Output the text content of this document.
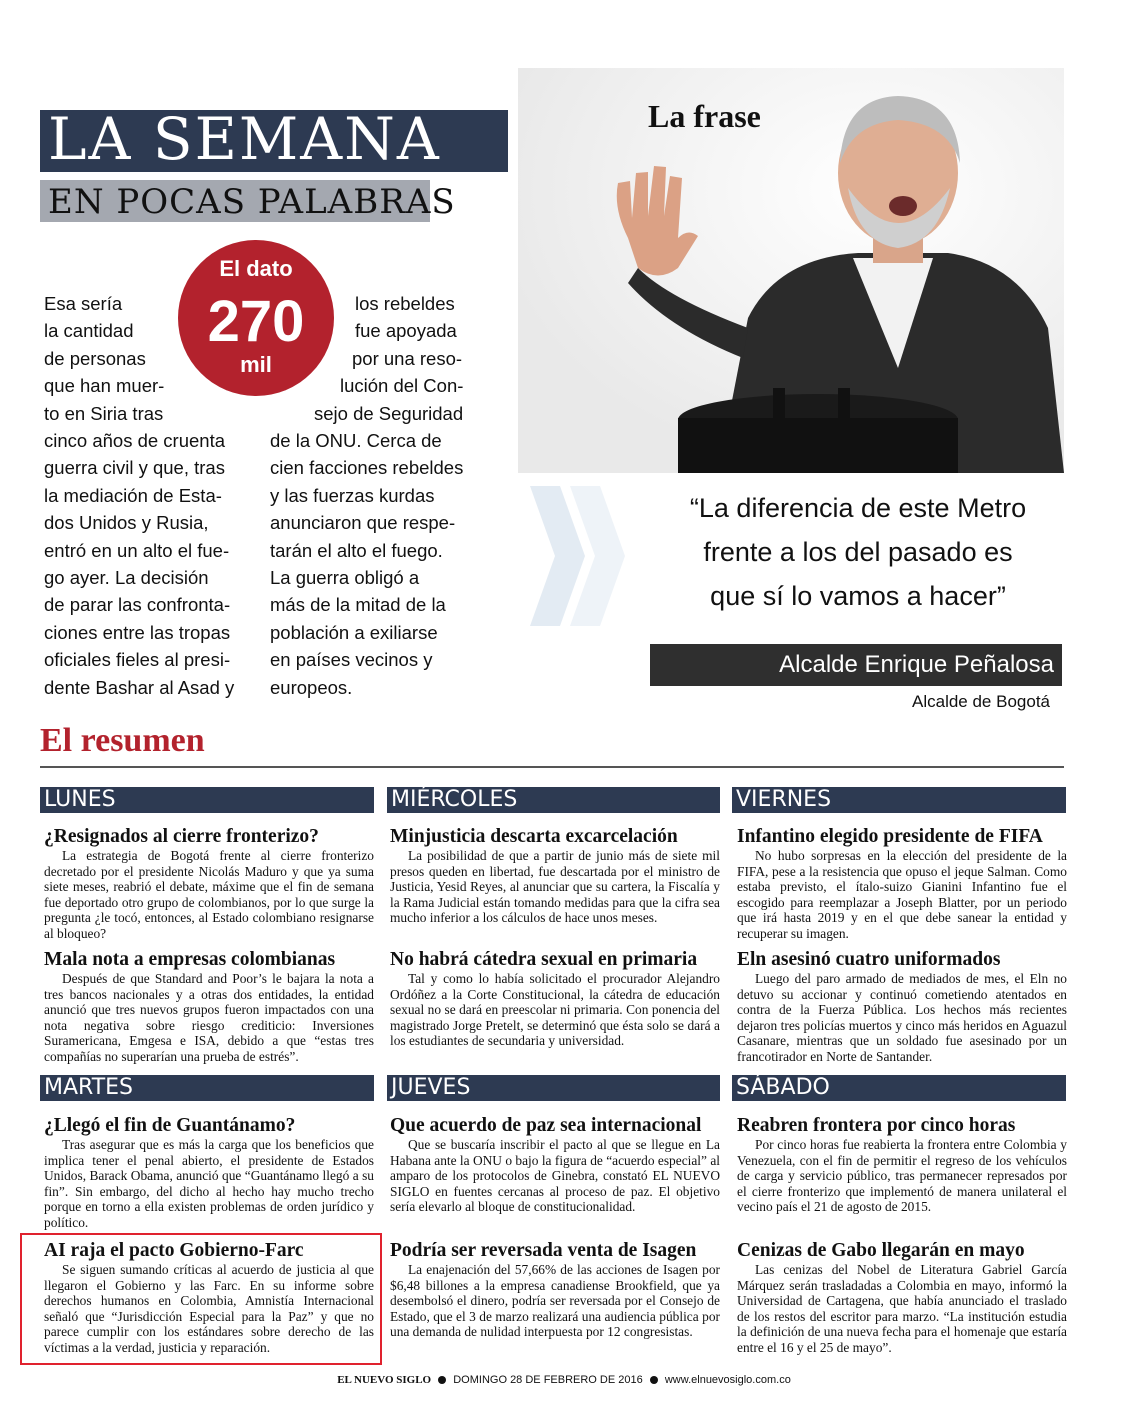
LA SEMANA
EN POCAS PALABRAS
El dato
270
mil
Esa sería
la cantidad
de personas
que han muer-
to en Siria tras
cinco años de cruenta
guerra civil y que, tras
la mediación de Esta-
dos Unidos y Rusia,
entró en un alto el fue-
go ayer. La decisión
de parar las confronta-
ciones entre las tropas
oficiales fieles al presi-
dente Bashar al Asad y
los rebeldes
fue apoyada
por una reso-
lución del Con-
sejo de Seguridad
de la ONU. Cerca de
cien facciones rebeldes
y las fuerzas kurdas
anunciaron que respe-
tarán el alto el fuego.
La guerra obligó a
más de la mitad de la
población a exiliarse
en países vecinos y
europeos.
La frase
“La diferencia de este Metro
frente a los del pasado es
que sí lo vamos a hacer”
Alcalde Enrique Peñalosa
Alcalde de Bogotá
El resumen
LUNES
¿Resignados al cierre fronterizo?
La estrategia de Bogotá frente al cierre fronterizo decretado por el presidente Nicolás Maduro y que ya suma siete meses, reabrió el debate, máxime que el fin de semana fue deportado otro grupo de colombianos, por lo que surge la pregunta ¿le tocó, entonces, al Estado colombiano resignarse al bloqueo?
Mala nota a empresas colombianas
Después de que Standard and Poor’s le bajara la nota a tres bancos nacionales y a otras dos entidades, la entidad anunció que tres nuevos grupos fueron impactados con una nota negativa sobre riesgo crediticio: Inversiones Suramericana, Emgesa e ISA, debido a que “estas tres compañías no superarían una prueba de estrés”.
MIÉRCOLES
Minjusticia descarta excarcelación
La posibilidad de que a partir de junio más de siete mil presos queden en libertad, fue descartada por el ministro de Justicia, Yesid Reyes, al anunciar que su cartera, la Fiscalía y la Rama Judicial están tomando medidas para que la cifra sea mucho inferior a los cálculos de hace unos meses.
No habrá cátedra sexual en primaria
Tal y como lo había solicitado el procurador Alejandro Ordóñez a la Corte Constitucional, la cátedra de educación sexual no se dará en preescolar ni primaria. Con ponencia del magistrado Jorge Pretelt, se determinó que ésta solo se dará a los estudiantes de secundaria y universidad.
VIERNES
Infantino elegido presidente de FIFA
No hubo sorpresas en la elección del presidente de la FIFA, pese a la resistencia que opuso el jeque Salman. Como estaba previsto, el ítalo-suizo Gianini Infantino fue el escogido para reemplazar a Joseph Blatter, por un periodo que irá hasta 2019 y en el que debe sanear la entidad y recuperar su imagen.
Eln asesinó cuatro uniformados
Luego del paro armado de mediados de mes, el Eln no detuvo su accionar y continuó cometiendo atentados en contra de la Fuerza Pública. Los hechos más recientes dejaron tres policías muertos y cinco más heridos en Aguazul Casanare, mientras que un soldado fue asesinado por un francotirador en Norte de Santander.
MARTES
¿Llegó el fin de Guantánamo?
Tras asegurar que es más la carga que los beneficios que implica tener el penal abierto, el presidente de Estados Unidos, Barack Obama, anunció que “Guantánamo llegó a su fin”. Sin embargo, del dicho al hecho hay mucho trecho porque en torno a ella existen problemas de orden jurídico y político.
AI raja el pacto Gobierno-Farc
Se siguen sumando críticas al acuerdo de justicia al que llegaron el Gobierno y las Farc. En su informe sobre derechos humanos en Colombia, Amnistía Internacional señaló que “Jurisdicción Especial para la Paz” y que no parece cumplir con los estándares sobre derecho de las víctimas a la verdad, justicia y reparación.
JUEVES
Que acuerdo de paz sea internacional
Que se buscaría inscribir el pacto al que se llegue en La Habana ante la ONU o bajo la figura de “acuerdo especial” al amparo de los protocolos de Ginebra, constató EL NUEVO SIGLO en fuentes cercanas al proceso de paz. El objetivo sería elevarlo al bloque de constitucionalidad.
Podría ser reversada venta de Isagen
La enajenación del 57,66% de las acciones de Isagen por $6,48 billones a la empresa canadiense Brookfield, que ya desembolsó el dinero, podría ser reversada por el Consejo de Estado, que el 3 de marzo realizará una audiencia pública por una demanda de nulidad interpuesta por 12 congresistas.
SÁBADO
Reabren frontera por cinco horas
Por cinco horas fue reabierta la frontera entre Colombia y Venezuela, con el fin de permitir el regreso de los vehículos de carga y servicio público, tras permanecer represados por el cierre fronterizo que implementó de manera unilateral el vecino país el 21 de agosto de 2015.
Cenizas de Gabo llegarán en mayo
Las cenizas del Nobel de Literatura Gabriel García Márquez serán trasladadas a Colombia en mayo, informó la Universidad de Cartagena, que había anunciado el traslado de los restos del escritor para marzo. “La institución estudia la definición de una nueva fecha para el homenaje que estaría entre el 16 y el 25 de mayo”.
EL NUEVO SIGLO DOMINGO 28 DE FEBRERO DE 2016 www.elnuevosiglo.com.co
